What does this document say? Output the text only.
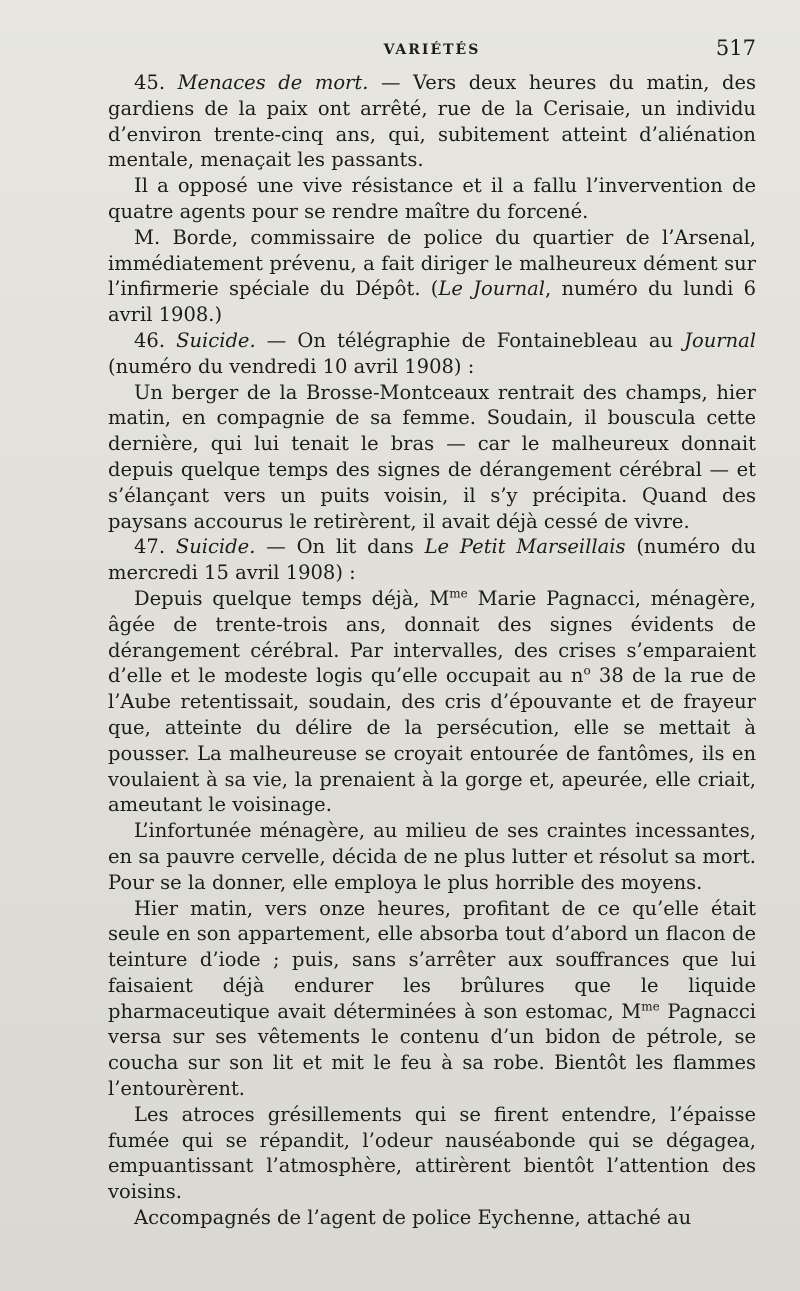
VARIÉTÉS	517

45. Menaces de mort. — Vers deux heures du matin, des gardiens de la paix ont arrêté, rue de la Cerisaie, un individu d’environ trente-cinq ans, qui, subitement atteint d’aliénation mentale, menaçait les passants.

Il a opposé une vive résistance et il a fallu l’invervention de quatre agents pour se rendre maître du forcené.

M. Borde, commissaire de police du quartier de l’Arsenal, immédiatement prévenu, a fait diriger le malheureux dément sur l’infirmerie spéciale du Dépôt. (Le Journal, numéro du lundi 6 avril 1908.)

46. Suicide. — On télégraphie de Fontainebleau au Journal (numéro du vendredi 10 avril 1908) :

Un berger de la Brosse-Montceaux rentrait des champs, hier matin, en compagnie de sa femme. Soudain, il bouscula cette dernière, qui lui tenait le bras — car le malheureux donnait depuis quelque temps des signes de dérangement cérébral — et s’élançant vers un puits voisin, il s’y précipita. Quand des paysans accourus le retirèrent, il avait déjà cessé de vivre.

47. Suicide. — On lit dans Le Petit Marseillais (numéro du mercredi 15 avril 1908) :

Depuis quelque temps déjà, $M^{me}$ Marie Pagnacci, ménagère, âgée de trente-trois ans, donnait des signes évidents de dérangement cérébral. Par intervalles, des crises s’emparaient d’elle et le modeste logis qu’elle occupait au $n^o$ 38 de la rue de l’Aube retentissait, soudain, des cris d’épouvante et de frayeur que, atteinte du délire de la persécution, elle se mettait à pousser. La malheureuse se croyait entourée de fantômes, ils en voulaient à sa vie, la prenaient à la gorge et, apeurée, elle criait, ameutant le voisinage.

L’infortunée ménagère, au milieu de ses craintes incessantes, en sa pauvre cervelle, décida de ne plus lutter et résolut sa mort. Pour se la donner, elle employa le plus horrible des moyens.

Hier matin, vers onze heures, profitant de ce qu’elle était seule en son appartement, elle absorba tout d’abord un flacon de teinture d’iode ; puis, sans s’arrêter aux souffrances que lui faisaient déjà endurer les brûlures que le liquide pharmaceutique avait déterminées à son estomac, $M^{me}$ Pagnacci versa sur ses vêtements le contenu d’un bidon de pétrole, se coucha sur son lit et mit le feu à sa robe. Bientôt les flammes l’entourèrent.

Les atroces grésillements qui se firent entendre, l’épaisse fumée qui se répandit, l’odeur nauséabonde qui se dégagea, empuantissant l’atmosphère, attirèrent bientôt l’attention des voisins.

Accompagnés de l’agent de police Eychenne, attaché au
